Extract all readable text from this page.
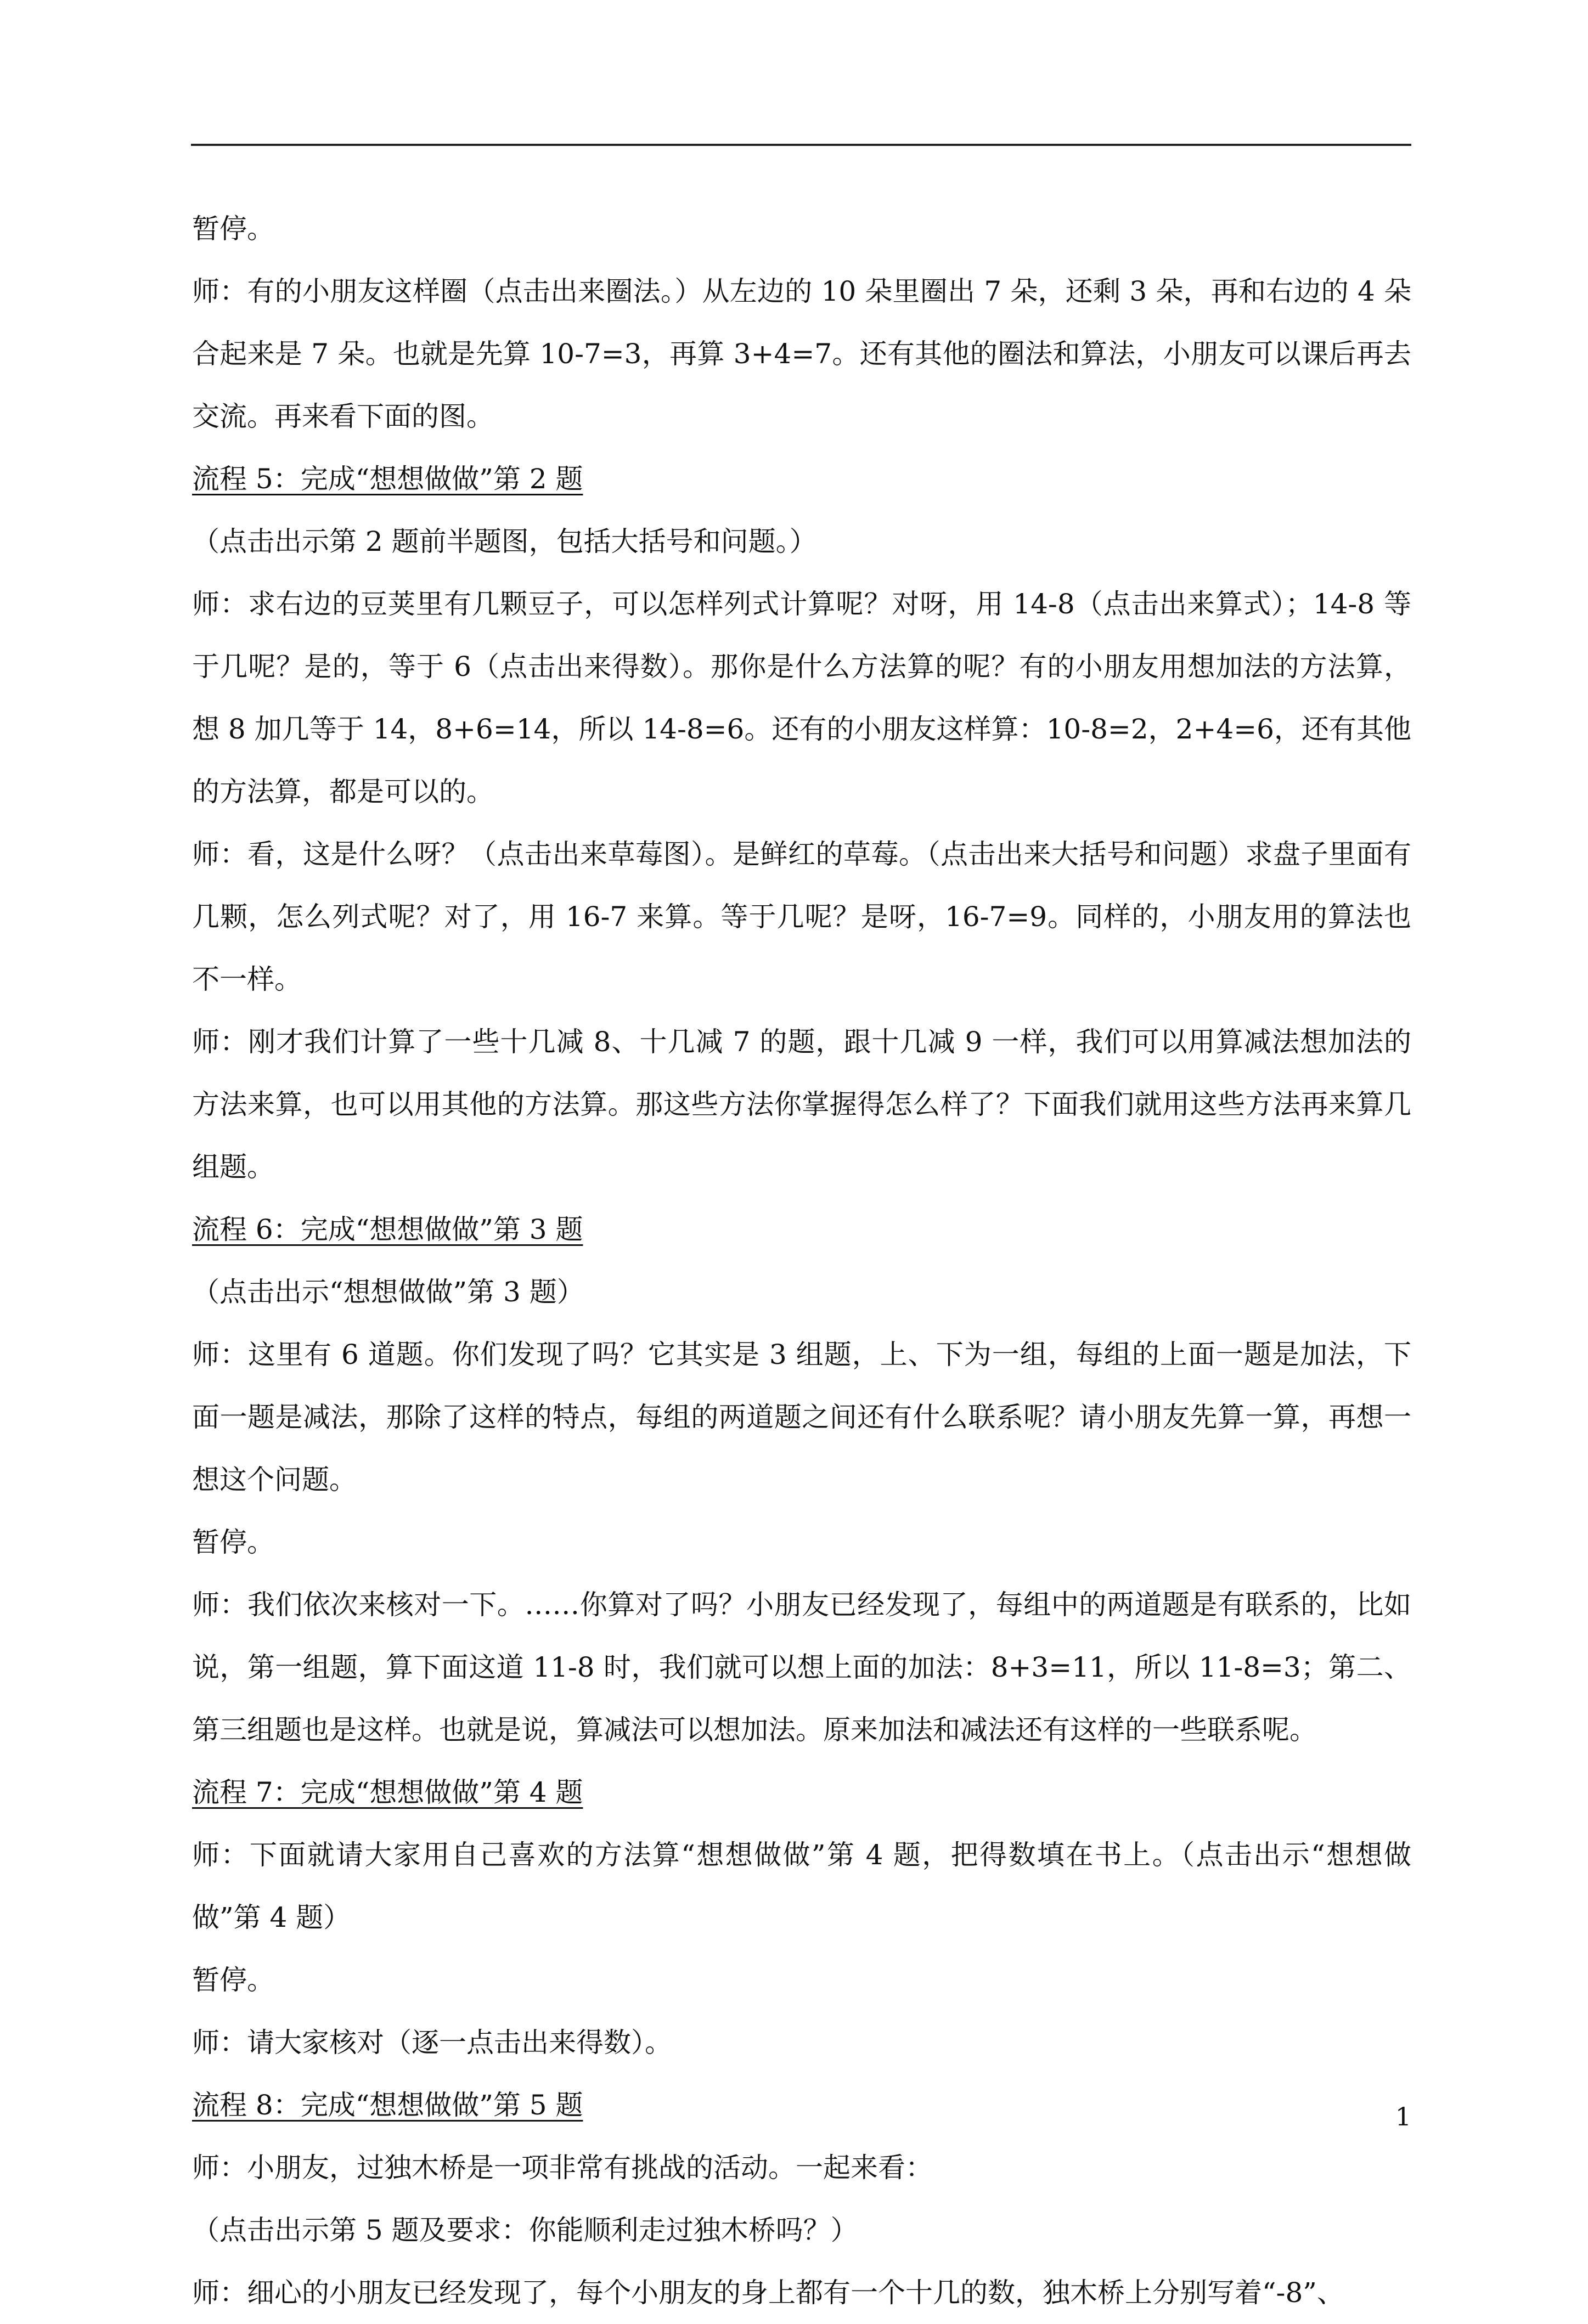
暂停。

师：有的小朋友这样圈（点击出来圈法。）从左边的 10 朵里圈出 7 朵，还剩 3 朵，再和右边的 4 朵合起来是 7 朵。也就是先算 10-7=3，再算 3+4=7。还有其他的圈法和算法，小朋友可以课后再去交流。再来看下面的图。

流程 5：完成“想想做做”第 2 题

（点击出示第 2 题前半题图，包括大括号和问题。）

师：求右边的豆荚里有几颗豆子，可以怎样列式计算呢？对呀，用 14-8（点击出来算式）；14-8 等于几呢？是的，等于 6（点击出来得数）。那你是什么方法算的呢？有的小朋友用想加法的方法算，想 8 加几等于 14，8+6=14，所以 14-8=6。还有的小朋友这样算：10-8=2，2+4=6，还有其他的方法算，都是可以的。

师：看，这是什么呀？（点击出来草莓图）。是鲜红的草莓。（点击出来大括号和问题）求盘子里面有几颗，怎么列式呢？对了，用 16-7 来算。等于几呢？是呀，16-7=9。同样的，小朋友用的算法也不一样。

师：刚才我们计算了一些十几减 8、十几减 7 的题，跟十几减 9 一样，我们可以用算减法想加法的方法来算，也可以用其他的方法算。那这些方法你掌握得怎么样了？下面我们就用这些方法再来算几组题。

流程 6：完成“想想做做”第 3 题

（点击出示“想想做做”第 3 题）

师：这里有 6 道题。你们发现了吗？它其实是 3 组题，上、下为一组，每组的上面一题是加法，下面一题是减法，那除了这样的特点，每组的两道题之间还有什么联系呢？请小朋友先算一算，再想一想这个问题。

暂停。

师：我们依次来核对一下。……你算对了吗？小朋友已经发现了，每组中的两道题是有联系的，比如说，第一组题，算下面这道 11-8 时，我们就可以想上面的加法：8+3=11，所以 11-8=3；第二、第三组题也是这样。也就是说，算减法可以想加法。原来加法和减法还有这样的一些联系呢。

流程 7：完成“想想做做”第 4 题

师：下面就请大家用自己喜欢的方法算“想想做做”第 4 题，把得数填在书上。（点击出示“想想做做”第 4 题）

暂停。

师：请大家核对（逐一点击出来得数）。

流程 8：完成“想想做做”第 5 题

师：小朋友，过独木桥是一项非常有挑战的活动。一起来看：

（点击出示第 5 题及要求：你能顺利走过独木桥吗？）

师：细心的小朋友已经发现了，每个小朋友的身上都有一个十几的数，独木桥上分别写着“-8”、

1
